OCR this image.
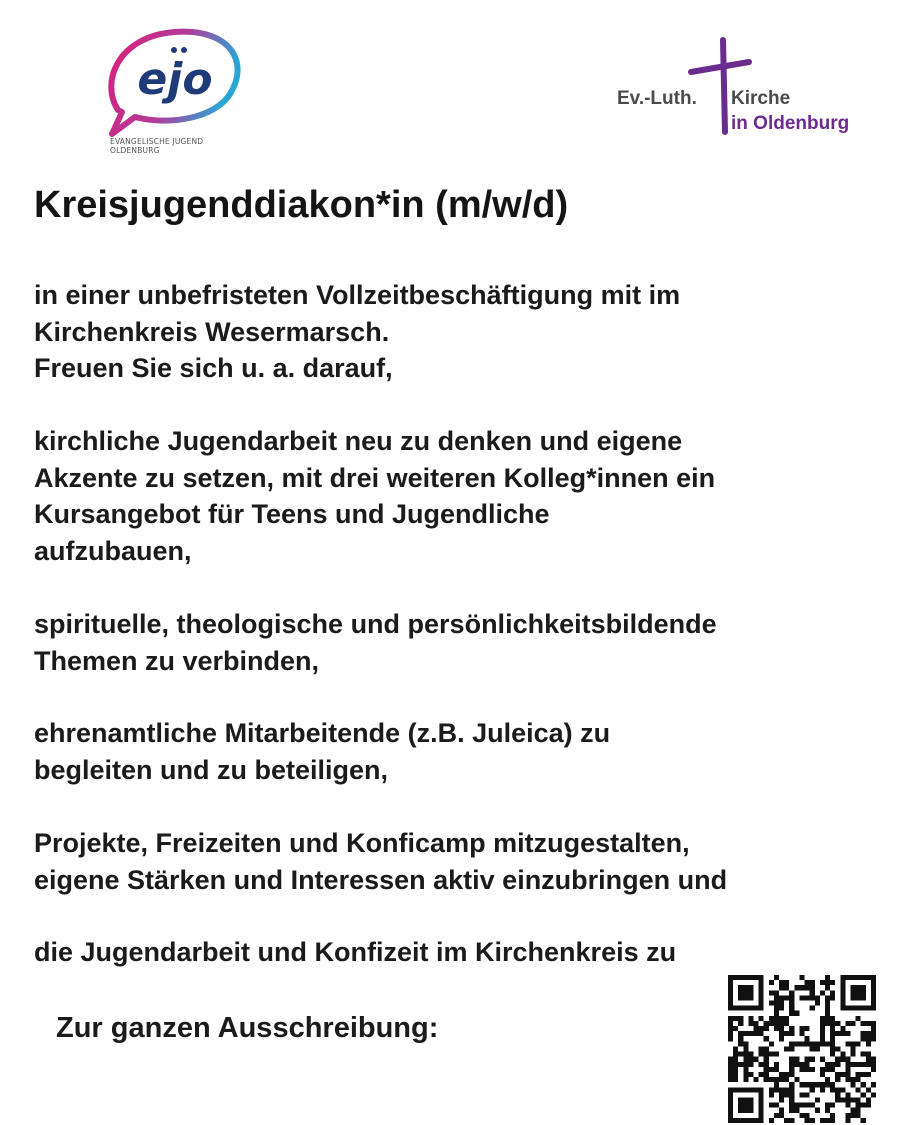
ejo
EVANGELISCHE JUGEND
OLDENBURG
Ev.-Luth. Kirche
in Oldenburg
Kreisjugenddiakon*in (m/w/d)

in einer unbefristeten Vollzeitbeschäftigung mit im
Kirchenkreis Wesermarsch.
Freuen Sie sich u. a. darauf,

kirchliche Jugendarbeit neu zu denken und eigene
Akzente zu setzen, mit drei weiteren Kolleg*innen ein
Kursangebot für Teens und Jugendliche
aufzubauen,

spirituelle, theologische und persönlichkeitsbildende
Themen zu verbinden,

ehrenamtliche Mitarbeitende (z.B. Juleica) zu
begleiten und zu beteiligen,

Projekte, Freizeiten und Konficamp mitzugestalten,
eigene Stärken und Interessen aktiv einzubringen und

die Jugendarbeit und Konfizeit im Kirchenkreis zu

Zur ganzen Ausschreibung:
